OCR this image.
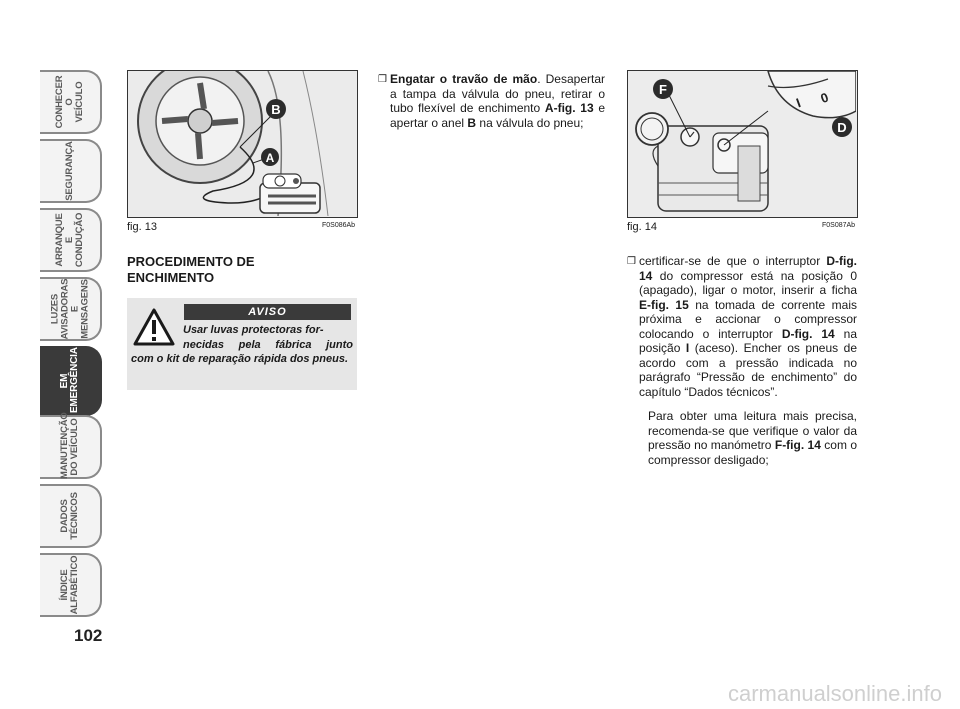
CONHECER O
VEÍCULO
SEGURANÇA
ARRANQUE
E CONDUÇÃO
LUZES
AVISADORAS
E MENSAGENS
EM
EMERGÊNCIA
MANUTENÇÃO
DO VEÍCULO
DADOS
TÉCNICOS
ÍNDICE
ALFABÉTICO
102
B
A
fig. 13	F0S086Ab
PROCEDIMENTO DE
ENCHIMENTO
AVISO

Usar luvas protectoras for-
necidas pela fábrica junto
com o kit de reparação rápida dos pneus.

❒ Engatar o travão de mão. Desapertar a tampa da válvula do pneu, retirar o tubo flexível de enchimento A-fig. 13 e apertar o anel B na válvula do pneu;

F
D
I 0
fig. 14	F0S087Ab
❒ certificar-se de que o interruptor D-fig. 14 do compressor está na posição 0 (apagado), ligar o motor, inserir a ficha E-fig. 15 na tomada de corrente mais próxima e accionar o compressor colocando o interruptor D-fig. 14 na posição I (aceso). Encher os pneus de acordo com a pressão indicada no parágrafo “Pressão de enchimento” do capítulo “Dados técnicos”.

Para obter uma leitura mais precisa, recomenda-se que verifique o valor da pressão no manómetro F-fig. 14 com o compressor desligado;

carmanualsonline.info
